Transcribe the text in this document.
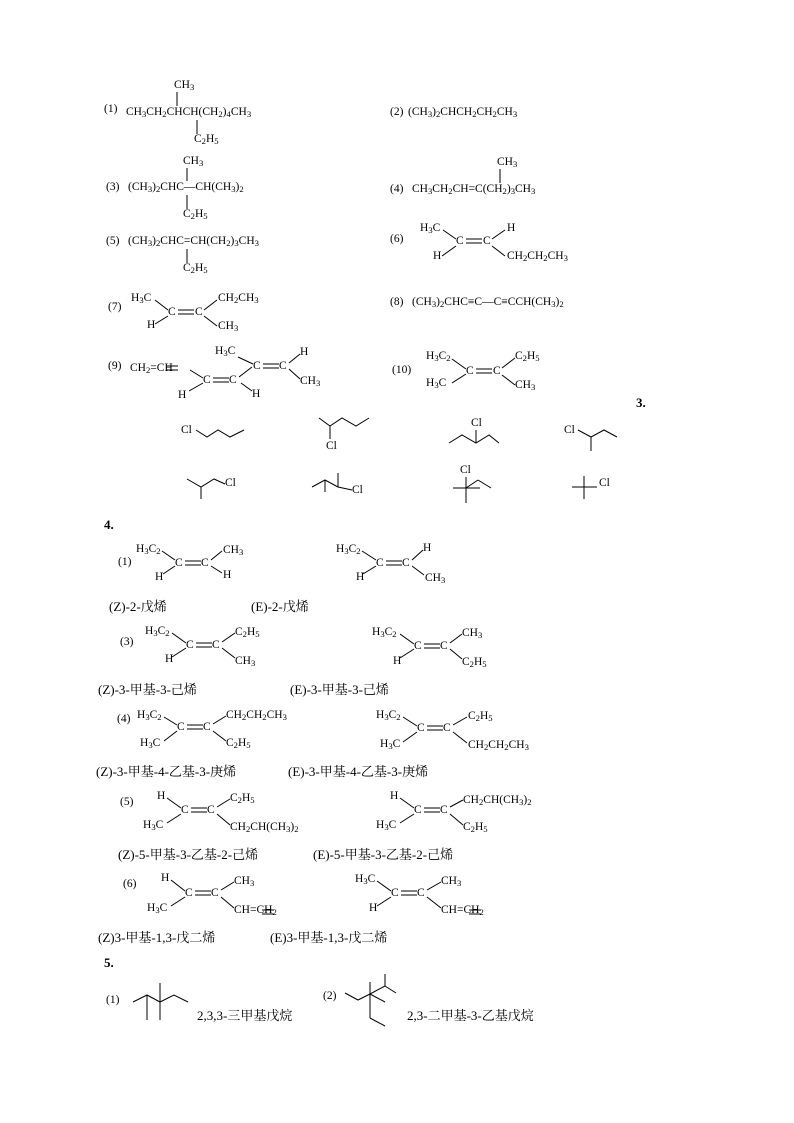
(1) $CH_3CH_2CHCH(CH_2)_4CH_3$
$CH_3$
$C_2H_5$
(2) $(CH_3)_2CHCH_2CH_2CH_3$
(3) $(CH_3)_2CHC—CH(CH_3)_2$
$CH_3$
$C_2H_5$
(4) $CH_3CH_2CH=C(CH_2)_3CH_3$
$CH_3$
(5) $(CH_3)_2CHC=CH(CH_2)_3CH_3$
$C_2H_5$
(6)
$H_3C$
H
C C
H
$CH_2CH_2CH_3$
(7)
$H_3C$
H
C C
$CH_2CH_3$
$CH_3$
(8) $(CH_3)_2CHC\equiv C—C\equiv CCH(CH_3)_2$
(9) $CH_2=CH$
H
C C
$H_3C$
H
C C
H
$CH_3$
(10)
$H_3C_2$
$H_3C$
C C
$C_2H_5$
$CH_3$
3.
Cl
Cl
Cl
Cl
Cl
Cl
Cl
Cl
4.
(1)
$H_3C_2$
H
C C
$CH_3$
H
$H_3C_2$
H
C C
H
$CH_3$
(Z)-2-戊烯	(E)-2-戊烯
(3)
$H_3C_2$
H
C C
$C_2H_5$
$CH_3$
$H_3C_2$
H
C C
$CH_3$
$C_2H_5$
(Z)-3-甲基-3-己烯	(E)-3-甲基-3-己烯
(4) $H_3C_2$
$H_3C$
C C
$CH_2CH_2CH_3$
$C_2H_5$
$H_3C_2$
$H_3C$
C C
$C_2H_5$
$CH_2CH_2CH_3$
(Z)-3-甲基-4-乙基-3-庚烯	(E)-3-甲基-4-乙基-3-庚烯
(5) H
$H_3C$
C C
$C_2H_5$
$CH_2CH(CH_3)_2$
H
$H_3C$
C C
$CH_2CH(CH_3)_2$
$C_2H_5$
(Z)-5-甲基-3-乙基-2-己烯	(E)-5-甲基-3-乙基-2-己烯
(6) H
$H_3C$
C C
$CH_3$
$CH=CH_2$
$H_3C$
H
C C
$CH_3$
$CH=CH_2$
(Z)3-甲基-1,3-戊二烯	(E)3-甲基-1,3-戊二烯
5.
(1)
2,3,3-三甲基戊烷
(2)
2,3-二甲基-3-乙基戊烷
